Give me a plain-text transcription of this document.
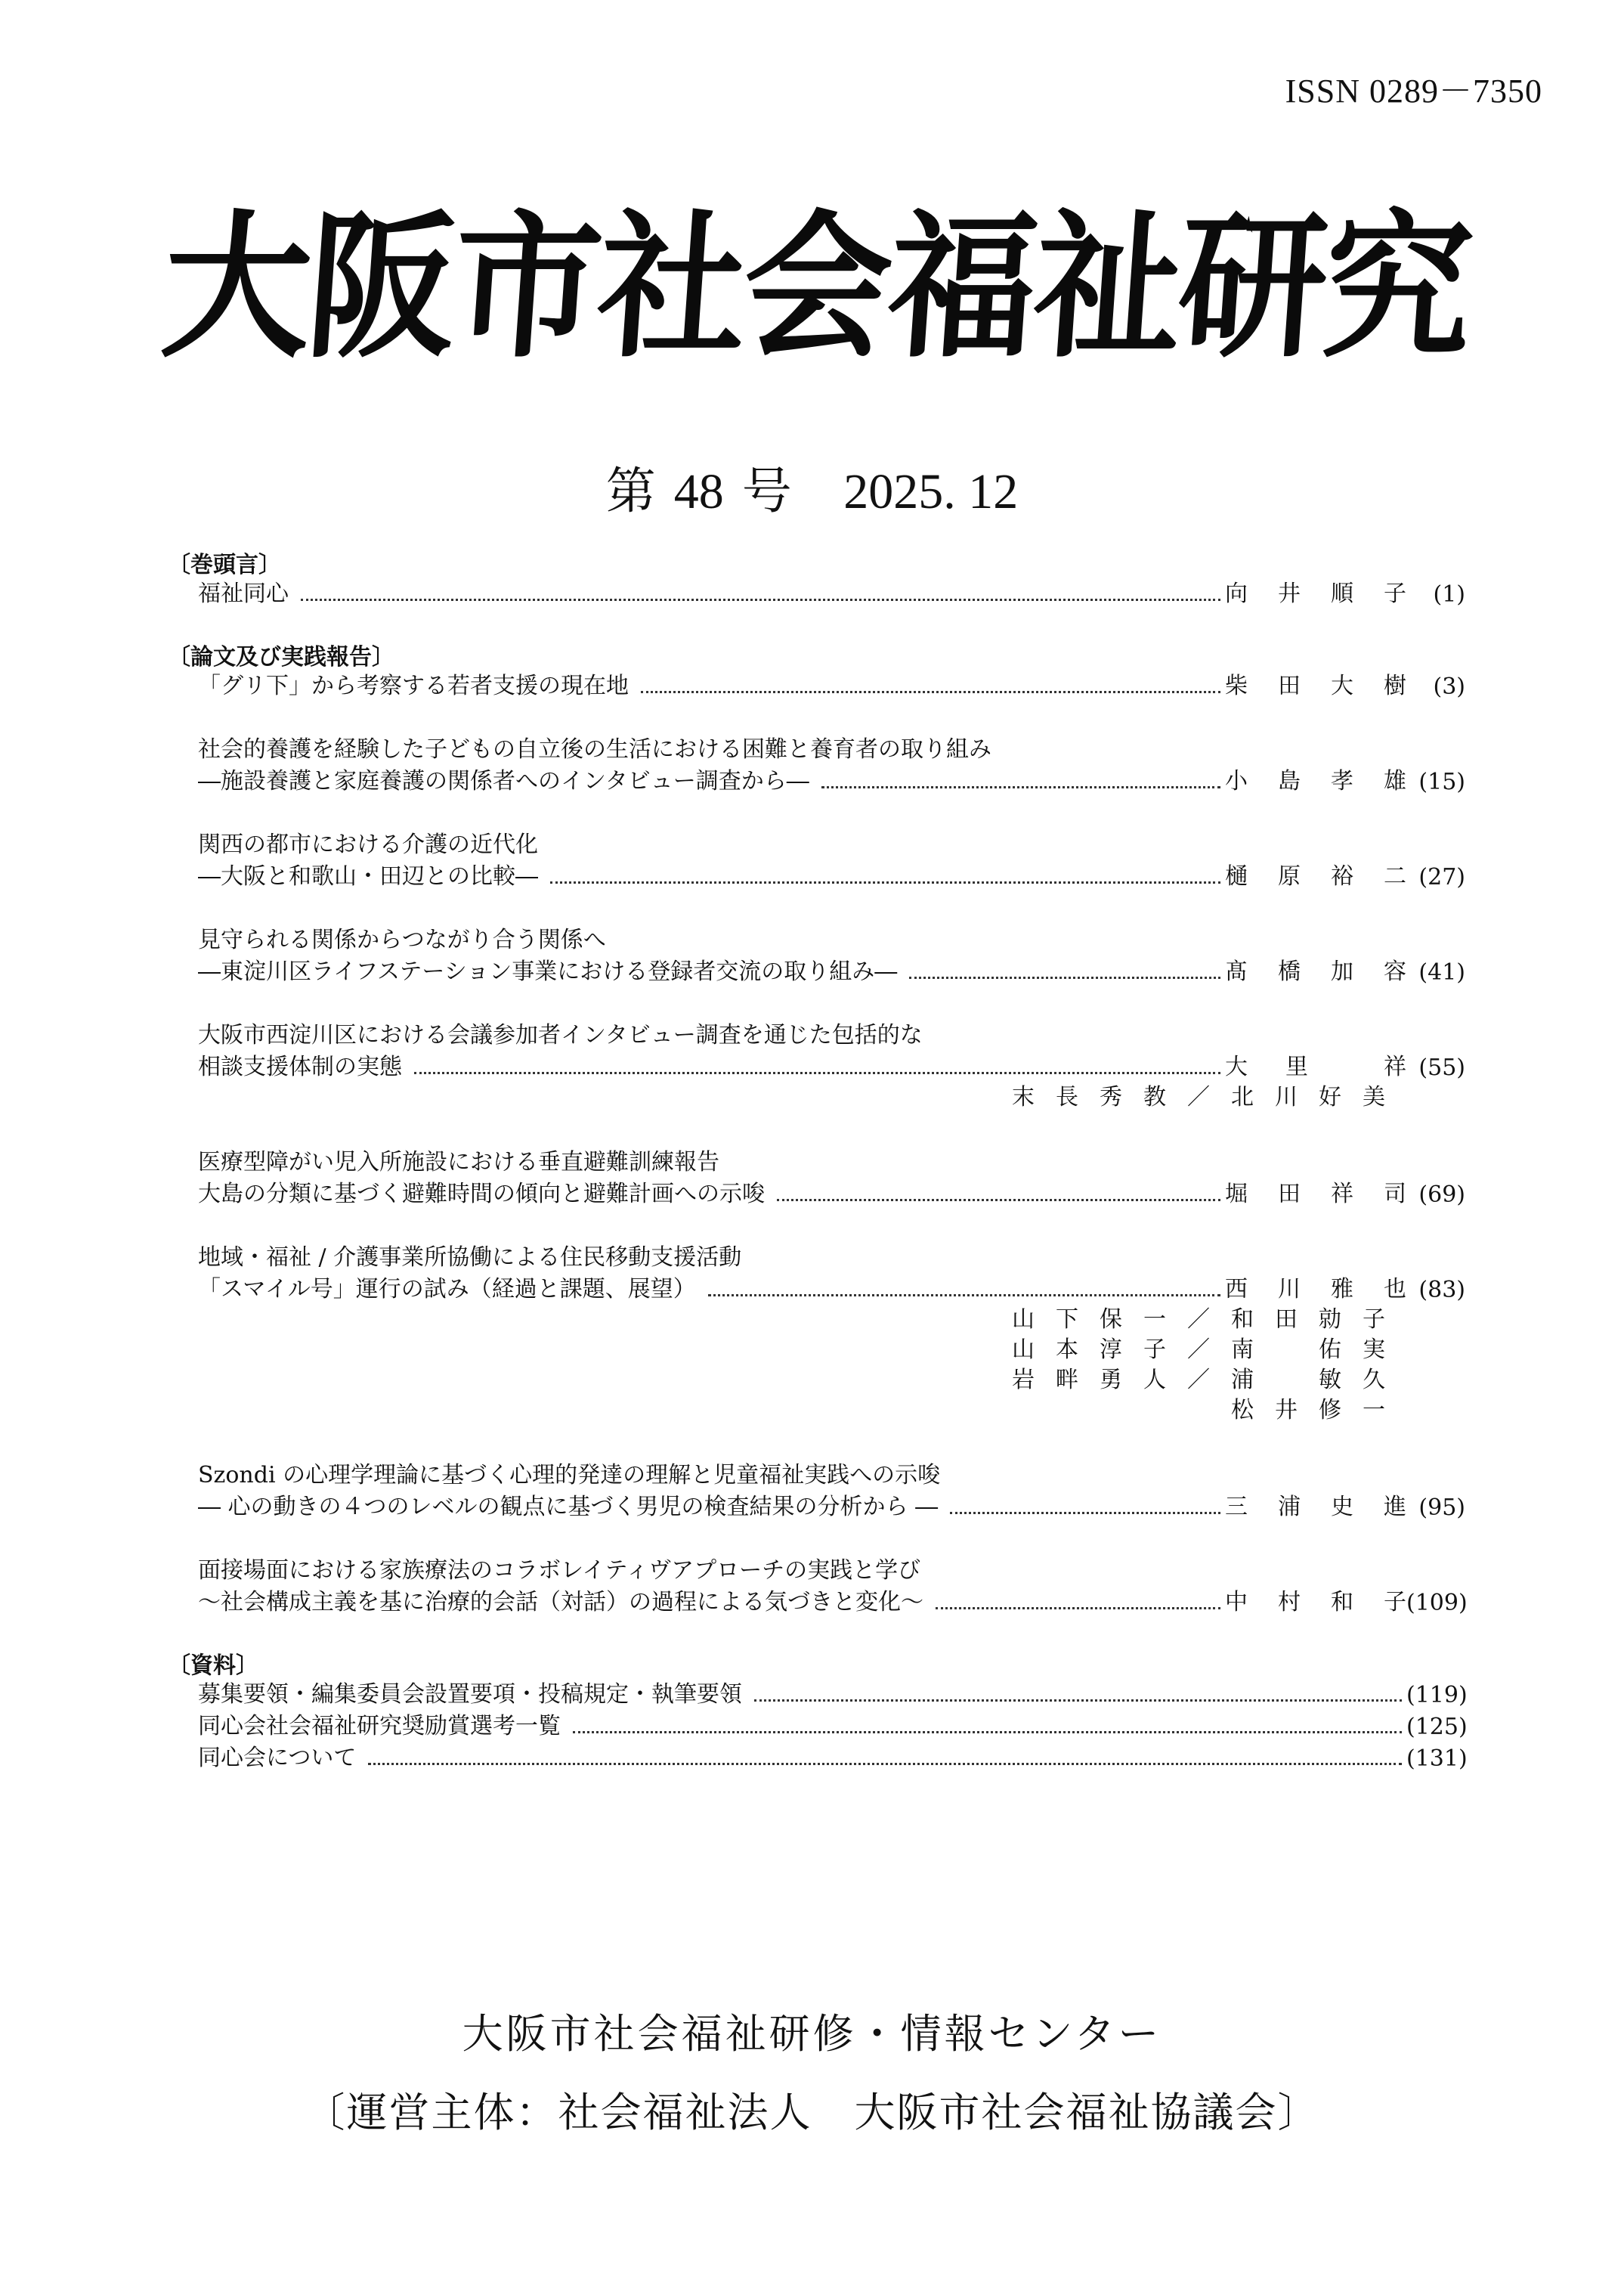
ISSN 0289－7350
大阪市社会福祉研究
第 48 号 2025. 12
〔巻頭言〕
福祉同心	向 井 順 子	(1)
〔論文及び実践報告〕
「グリ下」から考察する若者支援の現在地	柴 田 大 樹	(3)
社会的養護を経験した子どもの自立後の生活における困難と養育者の取り組み
―施設養護と家庭養護の関係者へのインタビュー調査から―	小 島 孝 雄 (15)
関西の都市における介護の近代化
―大阪と和歌山・田辺との比較―	樋 原 裕 二 (27)
見守られる関係からつながり合う関係へ
―東淀川区ライフステーション事業における登録者交流の取り組み―	髙 橋 加 容 (41)
大阪市西淀川区における会議参加者インタビュー調査を通じた包括的な
相談支援体制の実態	大 里	祥 (55)
末長秀教／北川好美
医療型障がい児入所施設における垂直避難訓練報告
大島の分類に基づく避難時間の傾向と避難計画への示唆	堀 田 祥 司 (69)
地域・福祉 / 介護事業所協働による住民移動支援活動
「スマイル号」運行の試み（経過と課題、展望）	西 川 雅 也 (83)
山下保一／和田勍子
山本淳子／南　佑実
岩畔勇人／浦　敏久
松井修一
Szondi の心理学理論に基づく心理的発達の理解と児童福祉実践への示唆
― 心の動きの４つのレベルの観点に基づく男児の検査結果の分析から ―	三 浦 史 進 (95)
面接場面における家族療法のコラボレイティヴアプローチの実践と学び
～社会構成主義を基に治療的会話（対話）の過程による気づきと変化～	中 村 和 子 (109)
〔資料〕
募集要領・編集委員会設置要項・投稿規定・執筆要領	(119)
同心会社会福祉研究奨励賞選考一覧	(125)
同心会について	(131)
大阪市社会福祉研修・情報センター
〔運営主体：社会福祉法人　大阪市社会福祉協議会〕
